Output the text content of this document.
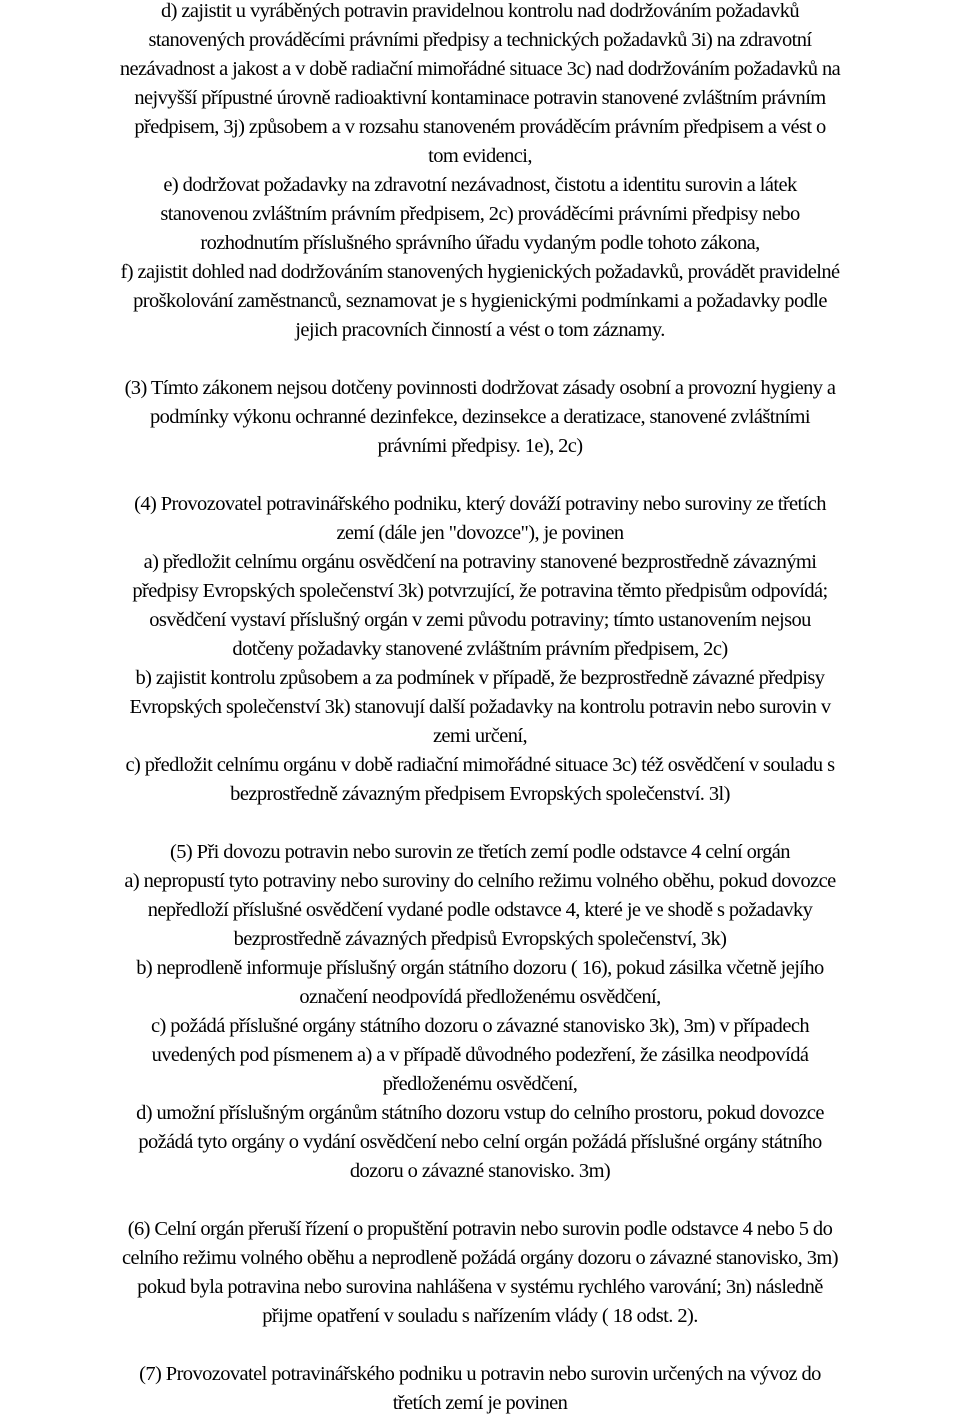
d) zajistit u vyráběných potravin pravidelnou kontrolu nad dodržováním požadavků
stanovených prováděcími právními předpisy a technických požadavků 3i) na zdravotní
nezávadnost a jakost a v době radiační mimořádné situace 3c) nad dodržováním požadavků na
nejvyšší přípustné úrovně radioaktivní kontaminace potravin stanovené zvláštním právním
předpisem, 3j) způsobem a v rozsahu stanoveném prováděcím právním předpisem a vést o
tom evidenci,
e) dodržovat požadavky na zdravotní nezávadnost, čistotu a identitu surovin a látek
stanovenou zvláštním právním předpisem, 2c) prováděcími právními předpisy nebo
rozhodnutím příslušného správního úřadu vydaným podle tohoto zákona,
f) zajistit dohled nad dodržováním stanovených hygienických požadavků, provádět pravidelné
proškolování zaměstnanců, seznamovat je s hygienickými podmínkami a požadavky podle
jejich pracovních činností a vést o tom záznamy.
(3) Tímto zákonem nejsou dotčeny povinnosti dodržovat zásady osobní a provozní hygieny a
podmínky výkonu ochranné dezinfekce, dezinsekce a deratizace, stanovené zvláštními
právními předpisy. 1e), 2c)
(4) Provozovatel potravinářského podniku, který dováží potraviny nebo suroviny ze třetích
zemí (dále jen "dovozce"), je povinen
a) předložit celnímu orgánu osvědčení na potraviny stanovené bezprostředně závaznými
předpisy Evropských společenství 3k) potvrzující, že potravina těmto předpisům odpovídá;
osvědčení vystaví příslušný orgán v zemi původu potraviny; tímto ustanovením nejsou
dotčeny požadavky stanovené zvláštním právním předpisem, 2c)
b) zajistit kontrolu způsobem a za podmínek v případě, že bezprostředně závazné předpisy
Evropských společenství 3k) stanovují další požadavky na kontrolu potravin nebo surovin v
zemi určení,
c) předložit celnímu orgánu v době radiační mimořádné situace 3c) též osvědčení v souladu s
bezprostředně závazným předpisem Evropských společenství. 3l)
(5) Při dovozu potravin nebo surovin ze třetích zemí podle odstavce 4 celní orgán
a) nepropustí tyto potraviny nebo suroviny do celního režimu volného oběhu, pokud dovozce
nepředloží příslušné osvědčení vydané podle odstavce 4, které je ve shodě s požadavky
bezprostředně závazných předpisů Evropských společenství, 3k)
b) neprodleně informuje příslušný orgán státního dozoru ( 16), pokud zásilka včetně jejího
označení neodpovídá předloženému osvědčení,
c) požádá příslušné orgány státního dozoru o závazné stanovisko 3k), 3m) v případech
uvedených pod písmenem a) a v případě důvodného podezření, že zásilka neodpovídá
předloženému osvědčení,
d) umožní příslušným orgánům státního dozoru vstup do celního prostoru, pokud dovozce
požádá tyto orgány o vydání osvědčení nebo celní orgán požádá příslušné orgány státního
dozoru o závazné stanovisko. 3m)
(6) Celní orgán přeruší řízení o propuštění potravin nebo surovin podle odstavce 4 nebo 5 do
celního režimu volného oběhu a neprodleně požádá orgány dozoru o závazné stanovisko, 3m)
pokud byla potravina nebo surovina nahlášena v systému rychlého varování; 3n) následně
přijme opatření v souladu s nařízením vlády ( 18 odst. 2).
(7) Provozovatel potravinářského podniku u potravin nebo surovin určených na vývoz do
třetích zemí je povinen
